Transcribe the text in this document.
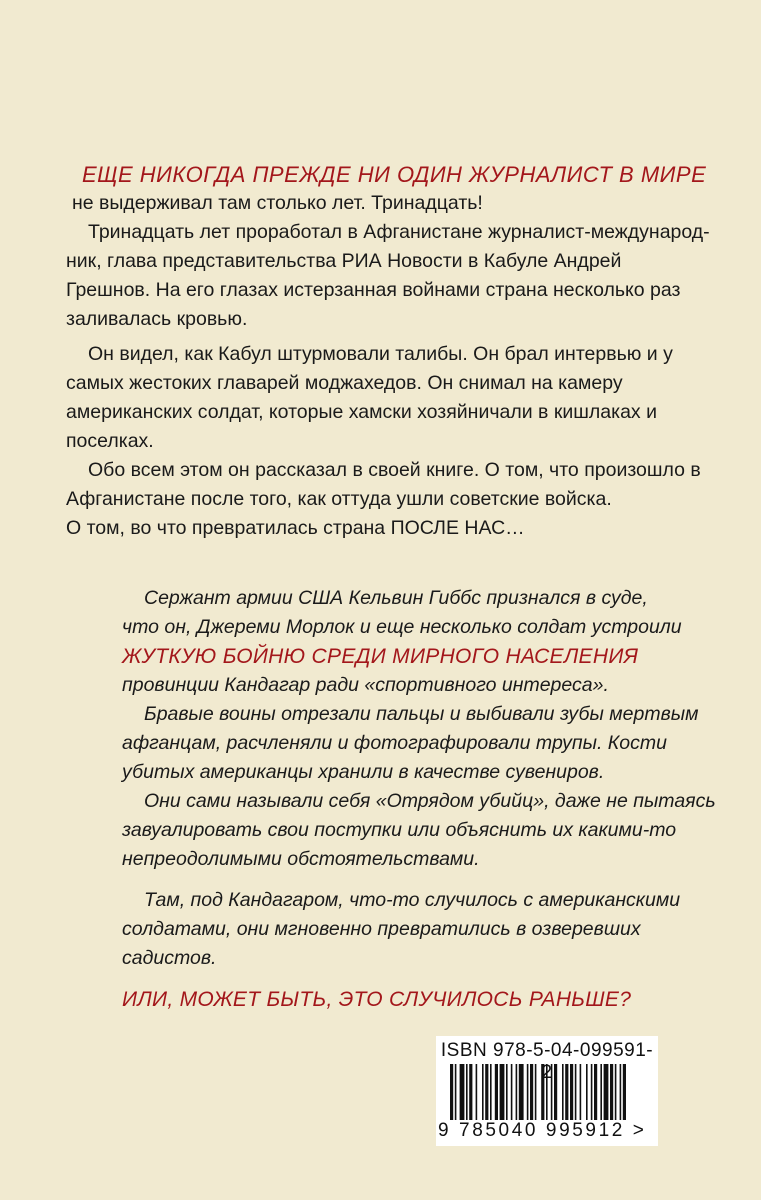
ЕЩЕ НИКОГДА ПРЕЖДЕ НИ ОДИН ЖУРНАЛИСТ В МИРЕ
не выдерживал там столько лет. Тринадцать!
Тринадцать лет проработал в Афганистане журналист-международ-
ник, глава представительства РИА Новости в Кабуле Андрей
Грешнов. На его глазах истерзанная войнами страна несколько раз
заливалась кровью.
Он видел, как Кабул штурмовали талибы. Он брал интервью и у
самых жестоких главарей моджахедов. Он снимал на камеру
американских солдат, которые хамски хозяйничали в кишлаках и
поселках.
Обо всем этом он рассказал в своей книге. О том, что произошло в
Афганистане после того, как оттуда ушли советские войска.
О том, во что превратилась страна ПОСЛЕ НАС…
Сержант армии США Кельвин Гиббс признался в суде,
что он, Джереми Морлок и еще несколько солдат устроили
ЖУТКУЮ БОЙНЮ СРЕДИ МИРНОГО НАСЕЛЕНИЯ
провинции Кандагар ради «спортивного интереса».
Бравые воины отрезали пальцы и выбивали зубы мертвым
афганцам, расчленяли и фотографировали трупы. Кости
убитых американцы хранили в качестве сувениров.
Они сами называли себя «Отрядом убийц», даже не пытаясь
завуалировать свои поступки или объяснить их какими-то
непреодолимыми обстоятельствами.
Там, под Кандагаром, что-то случилось с американскими
солдатами, они мгновенно превратились в озверевших
садистов.
ИЛИ, МОЖЕТ БЫТЬ, ЭТО СЛУЧИЛОСЬ РАНЬШЕ?
ISBN 978-5-04-099591-2
9 785040 995912 >
